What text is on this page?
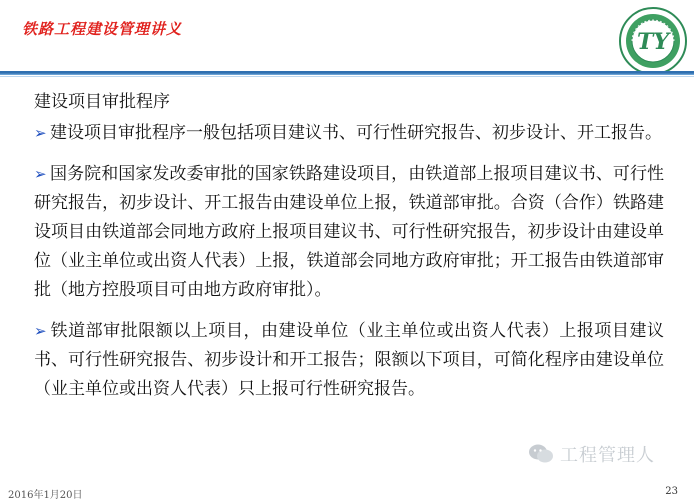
铁路工程建设管理讲义	TY
建设项目审批程序

➢ 建设项目审批程序一般包括项目建议书、可行性研究报告、初步设计、开工报告。

➢ 国务院和国家发改委审批的国家铁路建设项目，由铁道部上报项目建议书、可行性研究报告，初步设计、开工报告由建设单位上报，铁道部审批。合资（合作）铁路建设项目由铁道部会同地方政府上报项目建议书、可行性研究报告，初步设计由建设单位（业主单位或出资人代表）上报，铁道部会同地方政府审批；开工报告由铁道部审批（地方控股项目可由地方政府审批）。

➢ 铁道部审批限额以上项目，由建设单位（业主单位或出资人代表）上报项目建议书、可行性研究报告、初步设计和开工报告；限额以下项目，可简化程序由建设单位（业主单位或出资人代表）只上报可行性研究报告。

工程管理人
2016年1月20日	23
